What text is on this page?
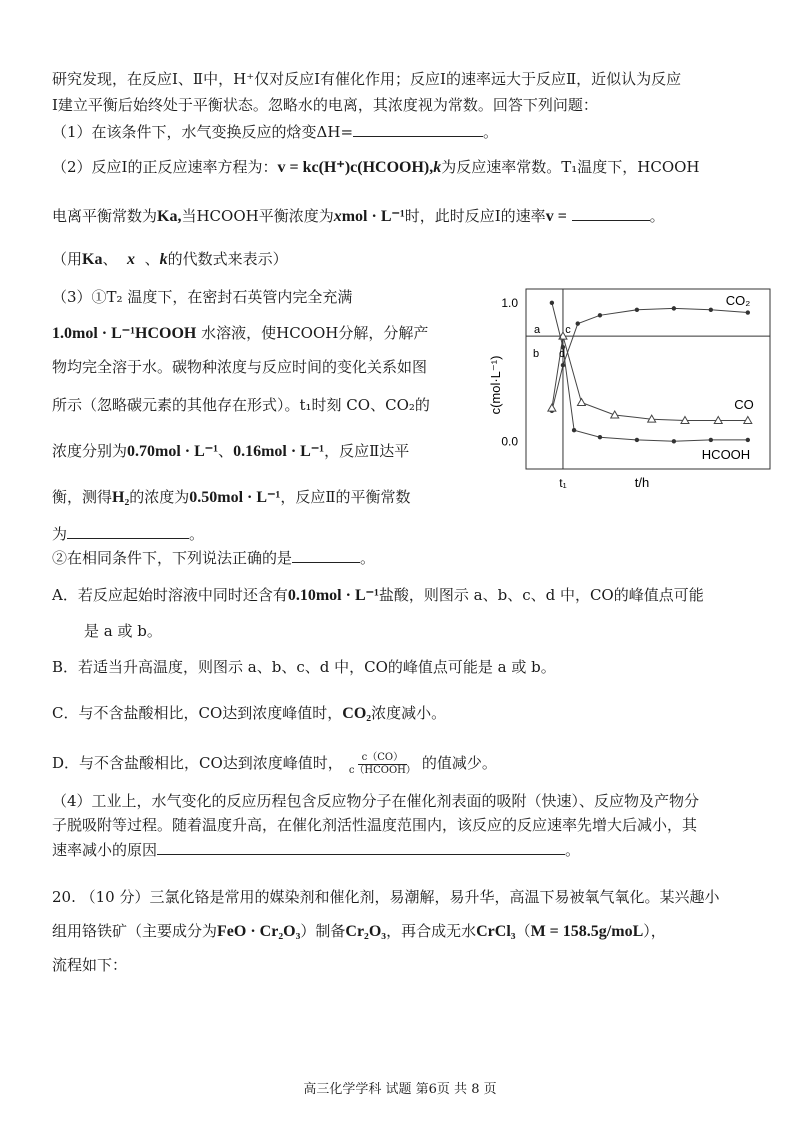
研究发现，在反应Ⅰ、Ⅱ中，H⁺仅对反应Ⅰ有催化作用；反应Ⅰ的速率远大于反应Ⅱ，近似认为反应
Ⅰ建立平衡后始终处于平衡状态。忽略水的电离，其浓度视为常数。回答下列问题：
（1）在该条件下，水气变换反应的焓变ΔH=	。
（2）反应Ⅰ的正反应速率方程为：v = kc(H⁺)c(HCOOH),k为反应速率常数。T₁温度下，HCOOH
电离平衡常数为Ka,当HCOOH平衡浓度为xmol · L⁻¹时，此时反应Ⅰ的速率v =	。
（用Ka、 x 、k的代数式来表示）
（3）①T₂ 温度下，在密封石英管内完全充满
1.0mol · L⁻¹HCOOH 水溶液，使HCOOH分解，分解产
物均完全溶于水。碳物种浓度与反应时间的变化关系如图
所示（忽略碳元素的其他存在形式）。t₁时刻 CO、CO₂的
浓度分别为0.70mol · L⁻¹、0.16mol · L⁻¹，反应Ⅱ达平
衡，测得H₂的浓度为0.50mol · L⁻¹，反应Ⅱ的平衡常数
为	。
②在相同条件下，下列说法正确的是	。
A．若反应起始时溶液中同时还含有0.10mol · L⁻¹盐酸，则图示 a、b、c、d 中，CO的峰值点可能
是 a 或 b。
B．若适当升高温度，则图示 a、b、c、d 中，CO的峰值点可能是 a 或 b。
C．与不含盐酸相比，CO达到浓度峰值时，CO₂浓度减小。
D．与不含盐酸相比，CO达到浓度峰值时， $\frac{c(CO)}{\text{c（HCOOH）}}$ 的值减少。
（4）工业上，水气变化的反应历程包含反应物分子在催化剂表面的吸附（快速）、反应物及产物分
子脱吸附等过程。随着温度升高，在催化剂活性温度范围内，该反应的反应速率先增大后减小，其
速率减小的原因	。
20. （10 分）三氯化铬是常用的媒染剂和催化剂，易潮解，易升华，高温下易被氧气氧化。某兴趣小
组用铬铁矿（主要成分为FeO · Cr₂O₃）制备Cr₂O₃，再合成无水CrCl₃（M = 158.5g/moL），
流程如下：
c(mol·L⁻¹)
t/h
1.0
0.0
t₁
CO₂
CO
HCOOH
a
b
c
d
高三化学学科 试题 第6页 共 8 页
